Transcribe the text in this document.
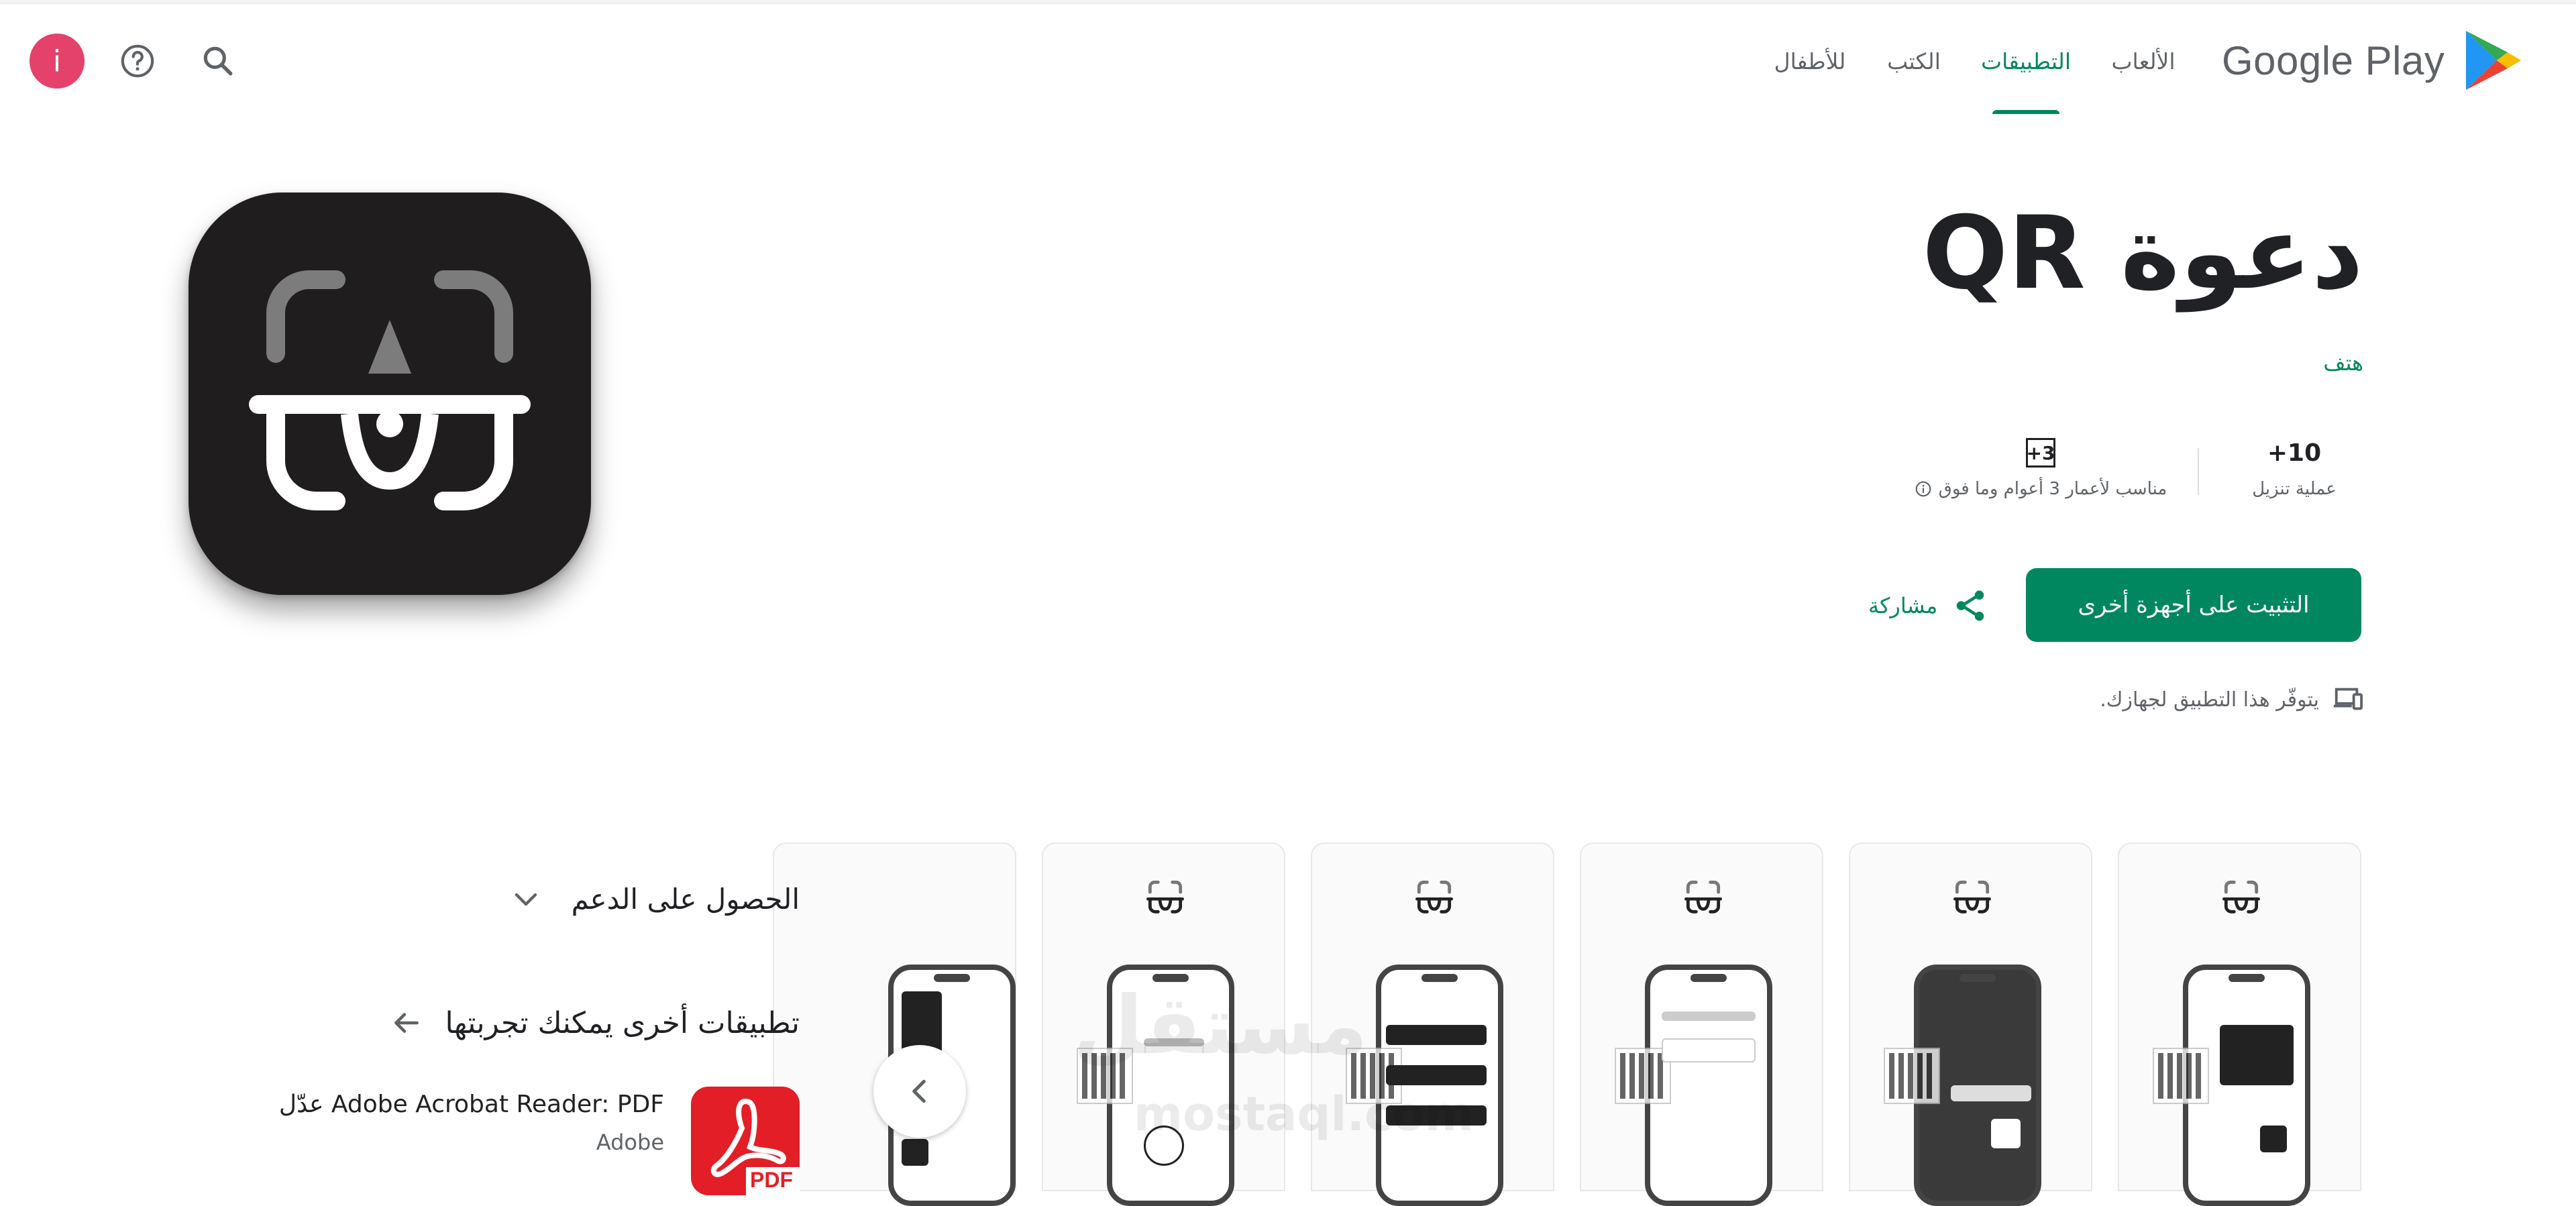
Google Play
الألعاب
التطبيقات
الكتب
للأطفال
i
دعوة QR
هتف
10+
عملية تنزيل
3+
مناسب لأعمار 3 أعوام وما فوق
التثبيت على أجهزة أخرى
مشاركة
يتوفّر هذا التطبيق لجهازك.
مستقل
mostaql.com
الحصول على الدعم
تطبيقات أخرى يمكنك تجربتها
PDF
Adobe Acrobat Reader: PDF عدّل
Adobe
